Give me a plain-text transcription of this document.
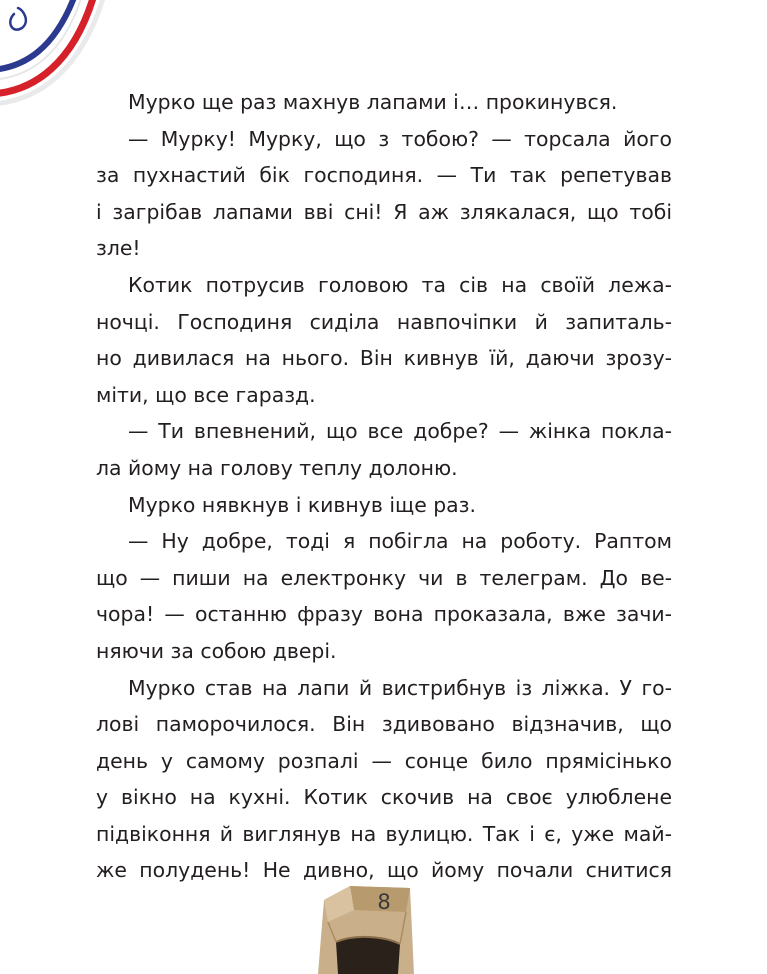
Мурко ще раз махнув лапами і… прокинувся.
— Мурку! Мурку, що з тобою? — торсала його
за пухнастий бік господиня. — Ти так репетував
і загрібав лапами вві сні! Я аж злякалася, що тобі
зле!
Котик потрусив головою та сів на своїй лежа-
ночці. Господиня сиділа навпочіпки й запиталь-
но дивилася на нього. Він кивнув їй, даючи зрозу-
міти, що все гаразд.
— Ти впевнений, що все добре? — жінка покла-
ла йому на голову теплу долоню.
Мурко нявкнув і кивнув іще раз.
— Ну добре, тоді я побігла на роботу. Раптом
що — пиши на електронку чи в телеграм. До ве-
чора! — останню фразу вона проказала, вже зачи-
няючи за собою двері.
Мурко став на лапи й вистрибнув із ліжка. У го-
лові паморочилося. Він здивовано відзначив, що
день у самому розпалі — сонце било прямісінько
у вікно на кухні. Котик скочив на своє улюблене
підвіконня й виглянув на вулицю. Так і є, уже май-
же полудень! Не дивно, що йому почали снитися
8
